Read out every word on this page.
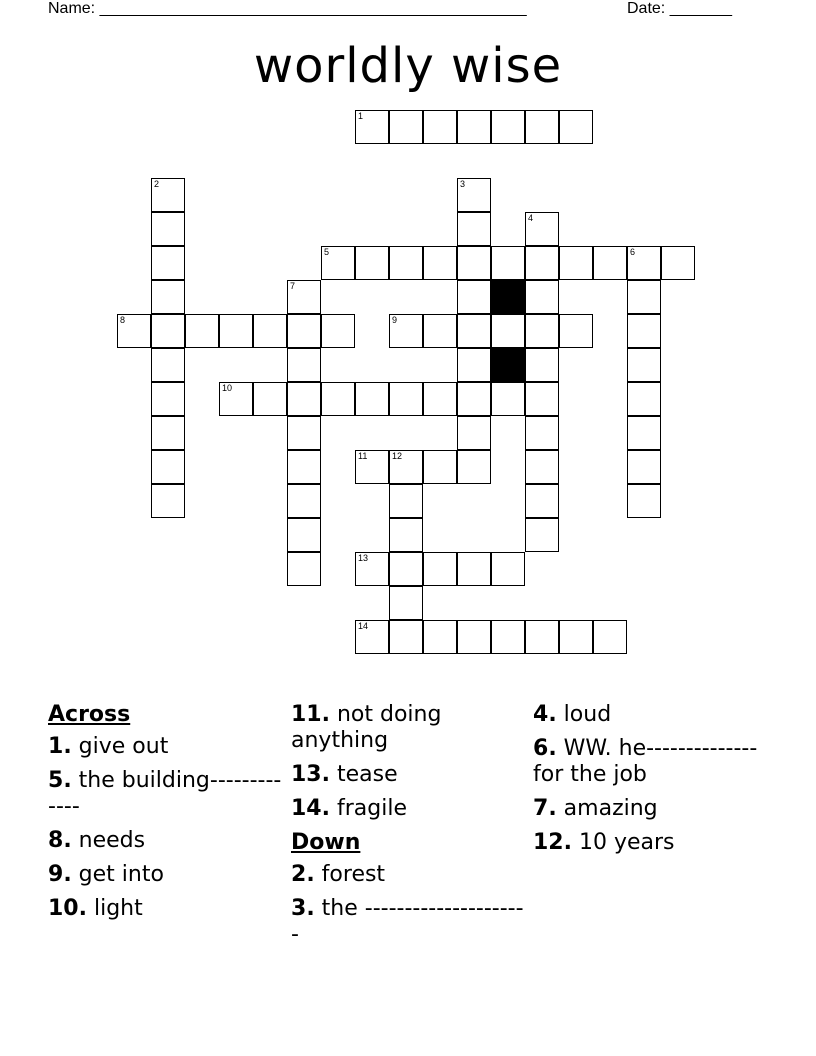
Name: ________________________________________________	Date: _______
worldly wise
1
5	6
8	9
10
11	12
13
14
2	3
4
7
Across
1. give out
5. the building-------------
8. needs
9. get into
10. light
11. not doing anything
13. tease
14. fragile
Down
2. forest
3. the ---------------------
4. loud
6. WW. he--------------for the job
7. amazing
12. 10 years
